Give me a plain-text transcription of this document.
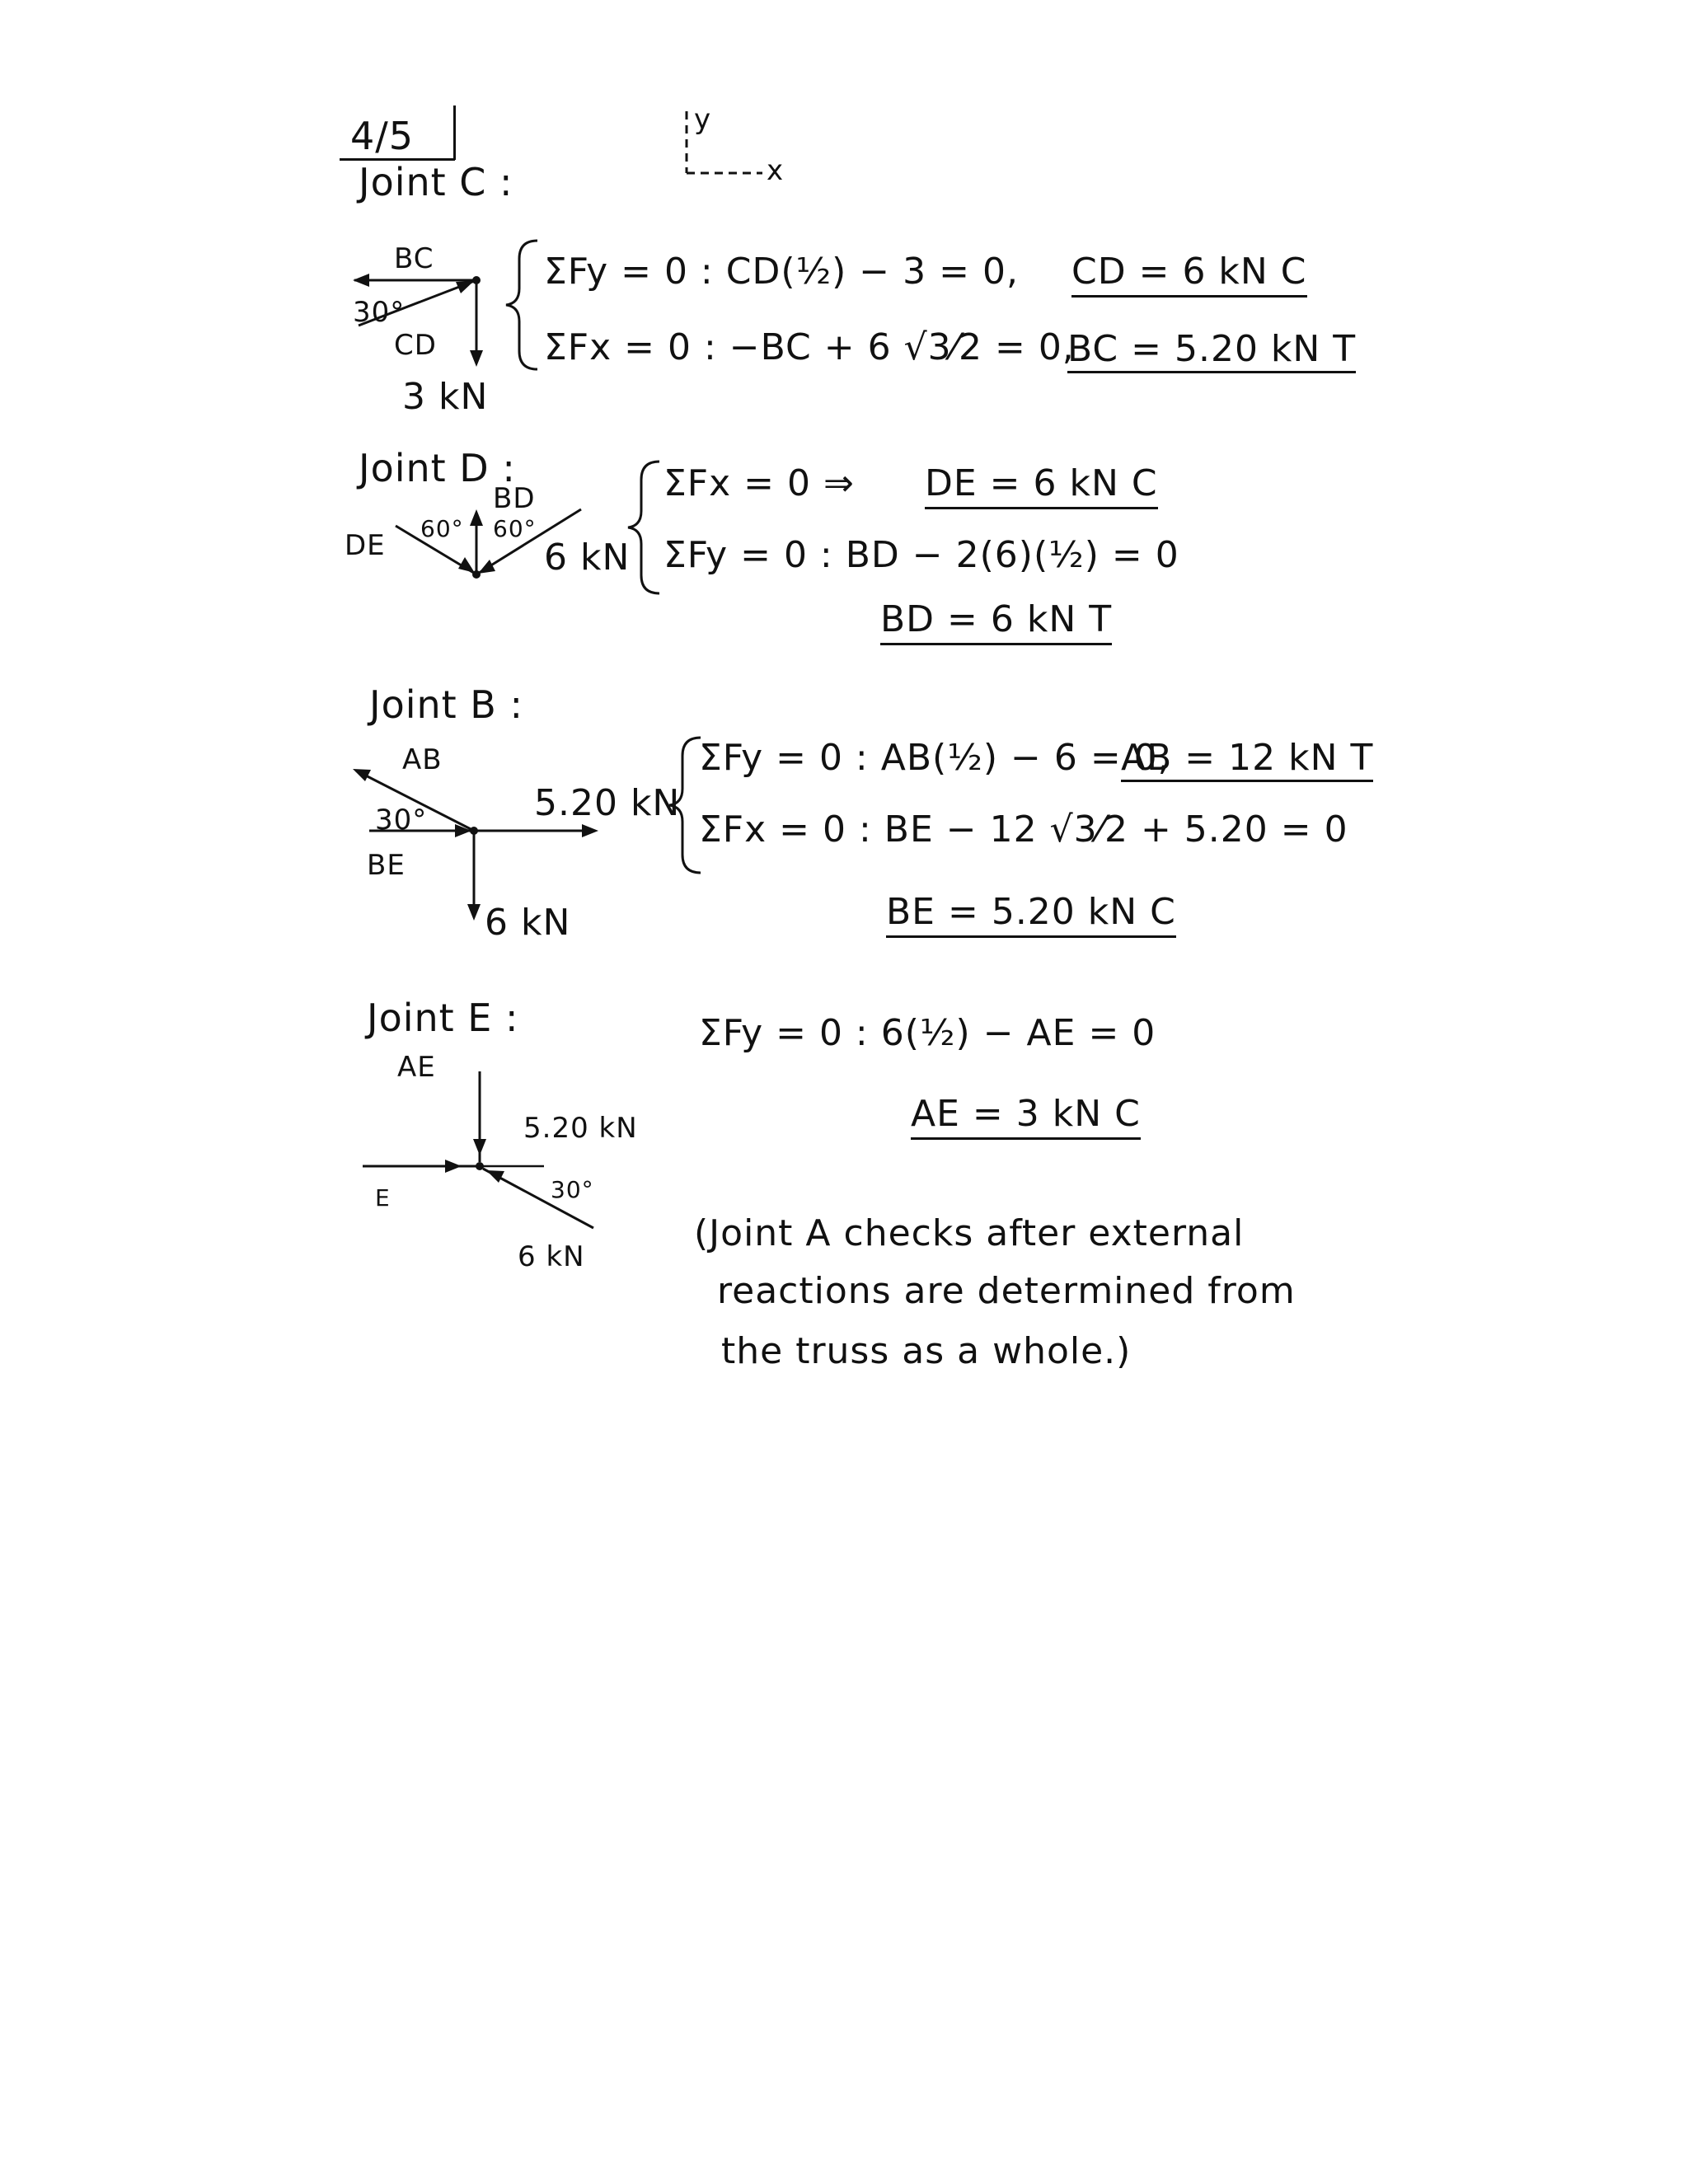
4/5	y
x
Joint C :
BC
30°
CD
3 kN
ΣFy = 0 : CD(½) − 3 = 0, CD = 6 kN C
ΣFx = 0 : −BC + 6 √3⁄2 = 0,
BC = 5.20 kN T
Joint D :
BD
60° 60°
DE	6 kN
ΣFx = 0 ⇒ DE = 6 kN C
ΣFy = 0 : BD − 2(6)(½) = 0
BD = 6 kN T
Joint B :
AB
30°
BE
5.20 kN
6 kN
ΣFy = 0 : AB(½) − 6 = 0,
AB = 12 kN T
ΣFx = 0 : BE − 12 √3⁄2 + 5.20 = 0
BE = 5.20 kN C
Joint E :
AE
5.20 kN
E	30°
6 kN
ΣFy = 0 : 6(½) − AE = 0
AE = 3 kN C
(Joint A checks after external
reactions are determined from
the truss as a whole.)
